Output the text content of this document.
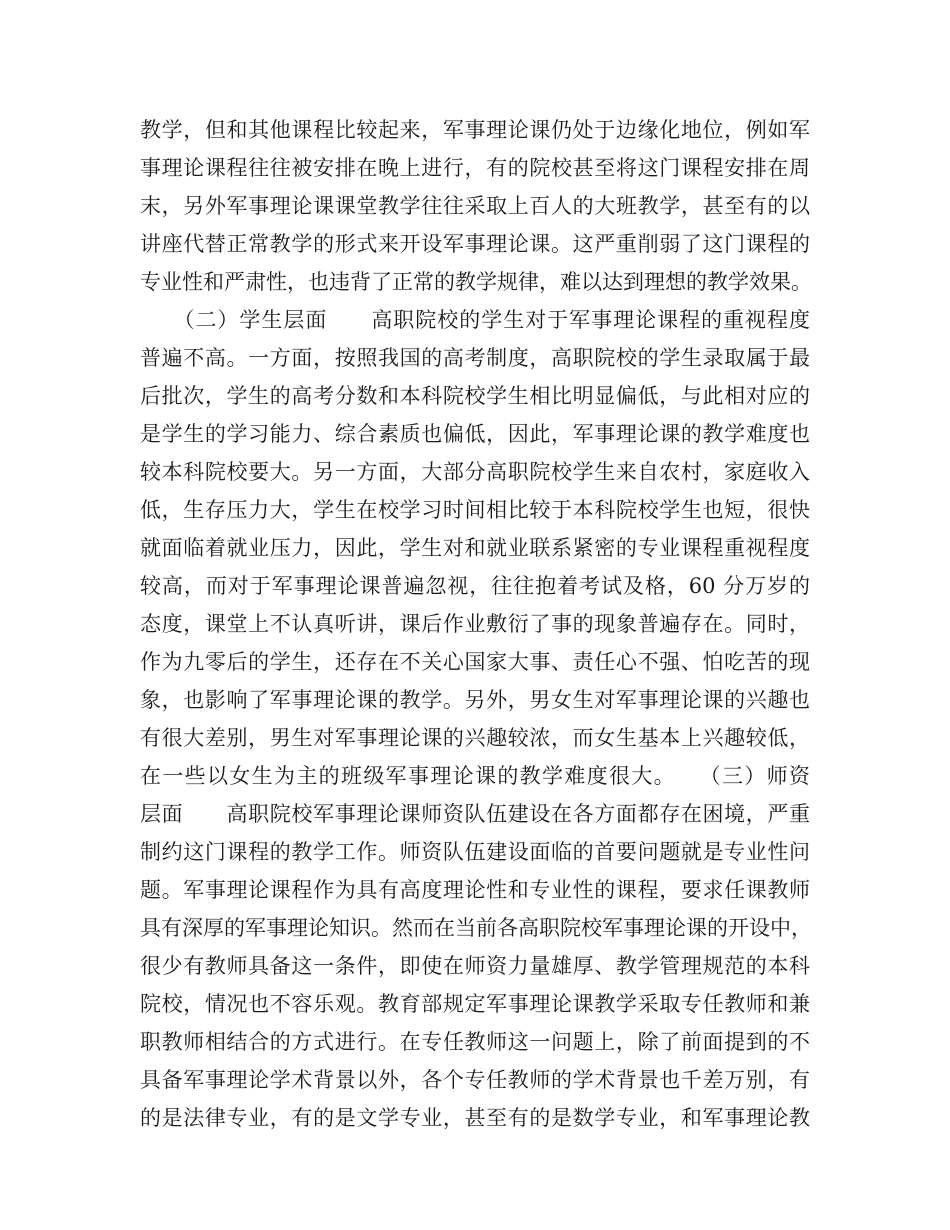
教学，但和其他课程比较起来，军事理论课仍处于边缘化地位，例如军
事理论课程往往被安排在晚上进行，有的院校甚至将这门课程安排在周
末，另外军事理论课课堂教学往往采取上百人的大班教学，甚至有的以
讲座代替正常教学的形式来开设军事理论课。这严重削弱了这门课程的
专业性和严肃性，也违背了正常的教学规律，难以达到理想的教学效果。
　　（二）学生层面　　高职院校的学生对于军事理论课程的重视程度
普遍不高。一方面，按照我国的高考制度，高职院校的学生录取属于最
后批次，学生的高考分数和本科院校学生相比明显偏低，与此相对应的
是学生的学习能力、综合素质也偏低，因此，军事理论课的教学难度也
较本科院校要大。另一方面，大部分高职院校学生来自农村，家庭收入
低，生存压力大，学生在校学习时间相比较于本科院校学生也短，很快
就面临着就业压力，因此，学生对和就业联系紧密的专业课程重视程度
较高，而对于军事理论课普遍忽视，往往抱着考试及格，60 分万岁的
态度，课堂上不认真听讲，课后作业敷衍了事的现象普遍存在。同时，
作为九零后的学生，还存在不关心国家大事、责任心不强、怕吃苦的现
象，也影响了军事理论课的教学。另外，男女生对军事理论课的兴趣也
有很大差别，男生对军事理论课的兴趣较浓，而女生基本上兴趣较低，
在一些以女生为主的班级军事理论课的教学难度很大。　　（三）师资
层面　　高职院校军事理论课师资队伍建设在各方面都存在困境，严重
制约这门课程的教学工作。师资队伍建设面临的首要问题就是专业性问
题。军事理论课程作为具有高度理论性和专业性的课程，要求任课教师
具有深厚的军事理论知识。然而在当前各高职院校军事理论课的开设中，
很少有教师具备这一条件，即使在师资力量雄厚、教学管理规范的本科
院校，情况也不容乐观。教育部规定军事理论课教学采取专任教师和兼
职教师相结合的方式进行。在专任教师这一问题上，除了前面提到的不
具备军事理论学术背景以外，各个专任教师的学术背景也千差万别，有
的是法律专业，有的是文学专业，甚至有的是数学专业，和军事理论教
